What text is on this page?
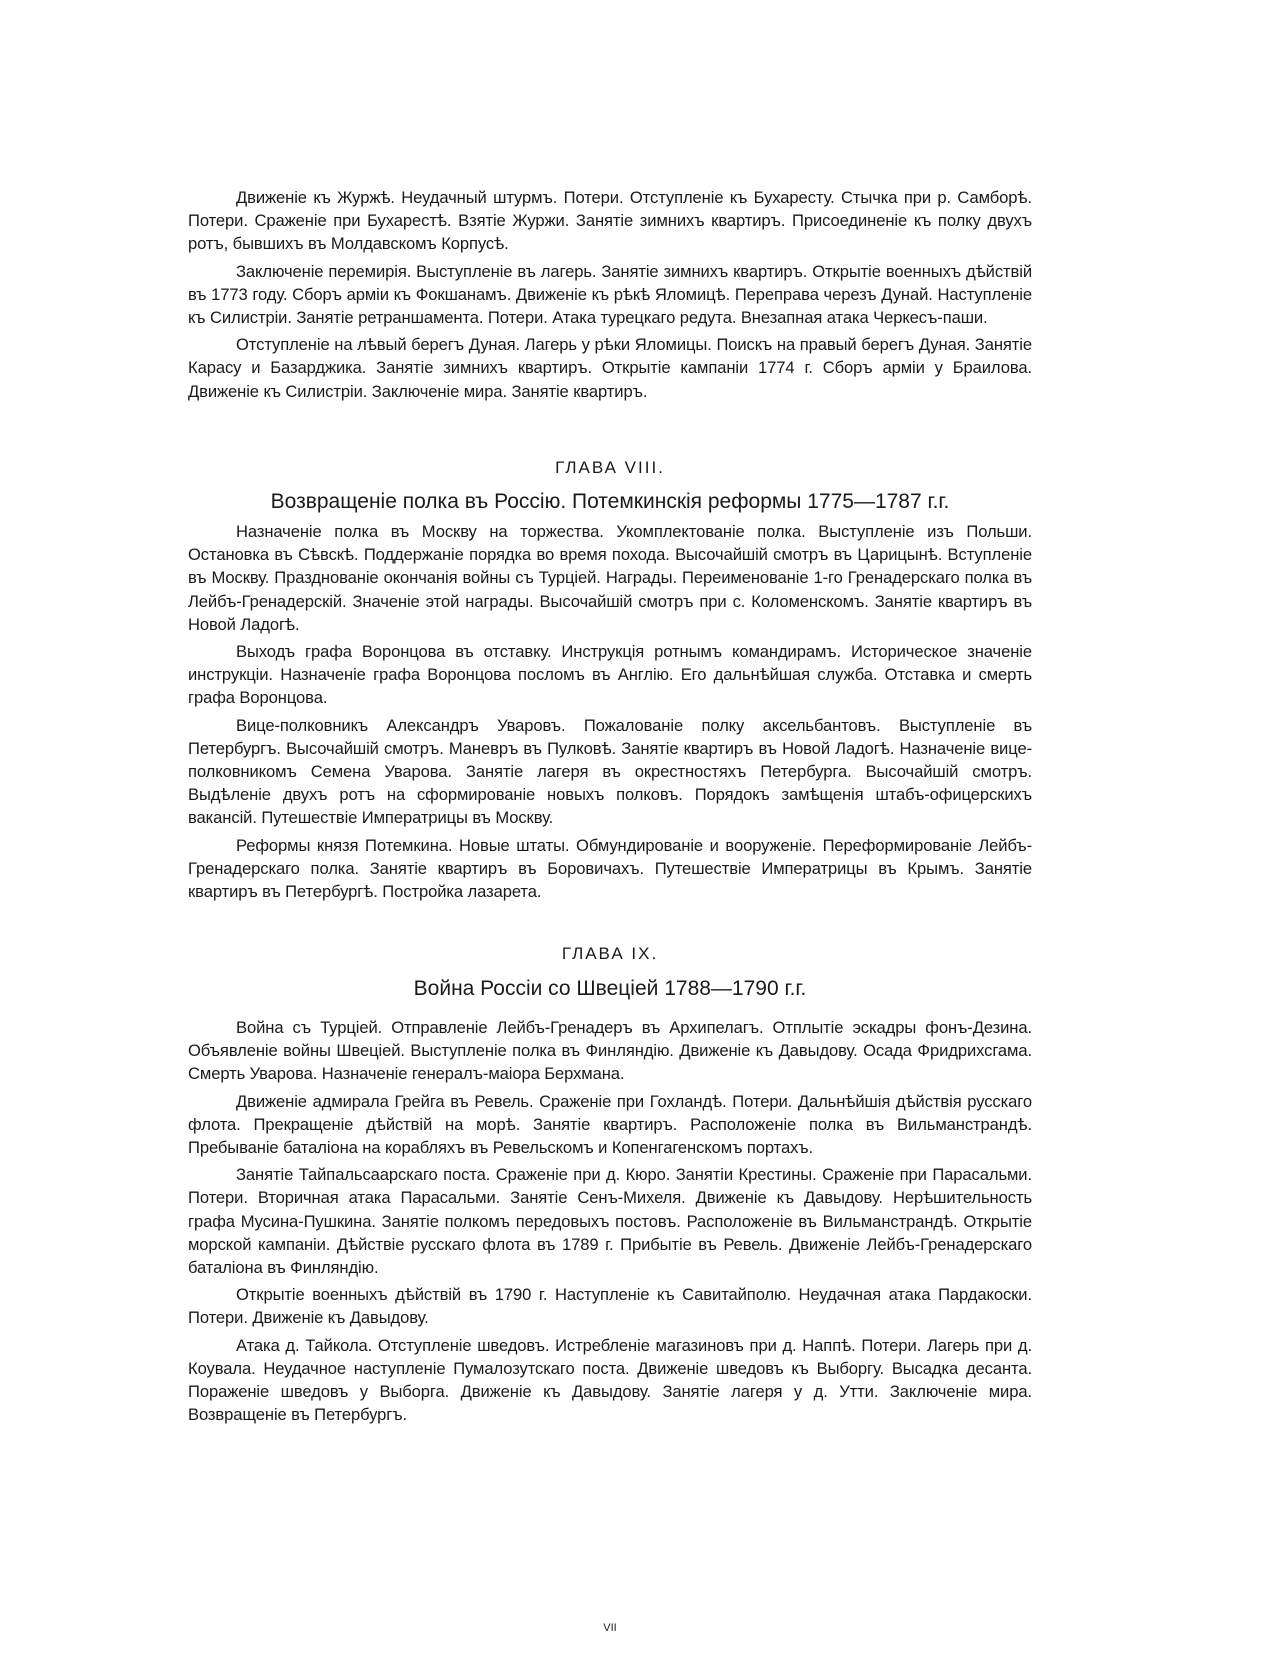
Движеніе къ Журжѣ. Неудачный штурмъ. Потери. Отступленіе къ Бухаресту. Стычка при р. Самборѣ. Потери. Сраженіе при Бухарестѣ. Взятіе Журжи. Занятіе зимнихъ квартиръ. Присоединеніе къ полку двухъ ротъ, бывшихъ въ Молдавскомъ Корпусѣ.

Заключеніе перемирія. Выступленіе въ лагерь. Занятіе зимнихъ квартиръ. Открытіе военныхъ дѣйствій въ 1773 году. Сборъ арміи къ Фокшанамъ. Движеніе къ рѣкѣ Яломицѣ. Переправа черезъ Дунай. Наступленіе къ Силистріи. Занятіе ретраншамента. Потери. Атака турецкаго редута. Внезапная атака Черкесъ-паши.

Отступленіе на лѣвый берегъ Дуная. Лагерь у рѣки Яломицы. Поискъ на правый берегъ Дуная. Занятіе Карасу и Базарджика. Занятіе зимнихъ квартиръ. Открытіе кампаніи 1774 г. Сборъ арміи у Браилова. Движеніе къ Силистріи. Заключеніе мира. Занятіе квартиръ.

ГЛАВА VIII.
Возвращеніе полка въ Россію. Потемкинскія реформы 1775—1787 г.г.

Назначеніе полка въ Москву на торжества. Укомплектованіе полка. Выступленіе изъ Польши. Остановка въ Сѣвскѣ. Поддержаніе порядка во время похода. Высочайшій смотръ въ Царицынѣ. Вступленіе въ Москву. Празднованіе окончанія войны съ Турціей. Награды. Переименованіе 1-го Гренадерскаго полка въ Лейбъ-Гренадерскій. Значеніе этой награды. Высочайшій смотръ при с. Коломенскомъ. Занятіе квартиръ въ Новой Ладогѣ.

Выходъ графа Воронцова въ отставку. Инструкція ротнымъ командирамъ. Историческое значеніе инструкціи. Назначеніе графа Воронцова посломъ въ Англію. Его дальнѣйшая служба. Отставка и смерть графа Воронцова.

Вице-полковникъ Александръ Уваровъ. Пожалованіе полку аксельбантовъ. Выступленіе въ Петербургъ. Высочайшій смотръ. Маневръ въ Пулковѣ. Занятіе квартиръ въ Новой Ладогѣ. Назначеніе вице-полковникомъ Семена Уварова. Занятіе лагеря въ окрестностяхъ Петербурга. Высочайшій смотръ. Выдѣленіе двухъ ротъ на сформированіе новыхъ полковъ. Порядокъ замѣщенія штабъ-офицерскихъ вакансій. Путешествіе Императрицы въ Москву.

Реформы князя Потемкина. Новые штаты. Обмундированіе и вооруженіе. Переформированіе Лейбъ-Гренадерскаго полка. Занятіе квартиръ въ Боровичахъ. Путешествіе Императрицы въ Крымъ. Занятіе квартиръ въ Петербургѣ. Постройка лазарета.

ГЛАВА IX.
Война Россіи со Швеціей 1788—1790 г.г.

Война съ Турціей. Отправленіе Лейбъ-Гренадеръ въ Архипелагъ. Отплытіе эскадры фонъ-Дезина. Объявленіе войны Швеціей. Выступленіе полка въ Финляндію. Движеніе къ Давыдову. Осада Фридрихсгама. Смерть Уварова. Назначеніе генералъ-маіора Берхмана.

Движеніе адмирала Грейга въ Ревель. Сраженіе при Гохландѣ. Потери. Дальнѣйшія дѣйствія русскаго флота. Прекращеніе дѣйствій на морѣ. Занятіе квартиръ. Расположеніе полка въ Вильманстрандѣ. Пребываніе баталіона на корабляхъ въ Ревельскомъ и Копенгагенскомъ портахъ.

Занятіе Тайпальсаарскаго поста. Сраженіе при д. Кюро. Занятіи Крестины. Сраженіе при Парасальми. Потери. Вторичная атака Парасальми. Занятіе Сенъ-Михеля. Движеніе къ Давыдову. Нерѣшительность графа Мусина-Пушкина. Занятіе полкомъ передовыхъ постовъ. Расположеніе въ Вильманстрандѣ. Открытіе морской кампаніи. Дѣйствіе русскаго флота въ 1789 г. Прибытіе въ Ревель. Движеніе Лейбъ-Гренадерскаго баталіона въ Финляндію.

Открытіе военныхъ дѣйствій въ 1790 г. Наступленіе къ Савитайполю. Неудачная атака Пардакоски. Потери. Движеніе къ Давыдову.

Атака д. Тайкола. Отступленіе шведовъ. Истребленіе магазиновъ при д. Наппѣ. Потери. Лагерь при д. Коувала. Неудачное наступленіе Пумалозутскаго поста. Движеніе шведовъ къ Выборгу. Высадка десанта. Пораженіе шведовъ у Выборга. Движеніе къ Давыдову. Занятіе лагеря у д. Утти. Заключеніе мира. Возвращеніе въ Петербургъ.

VII
